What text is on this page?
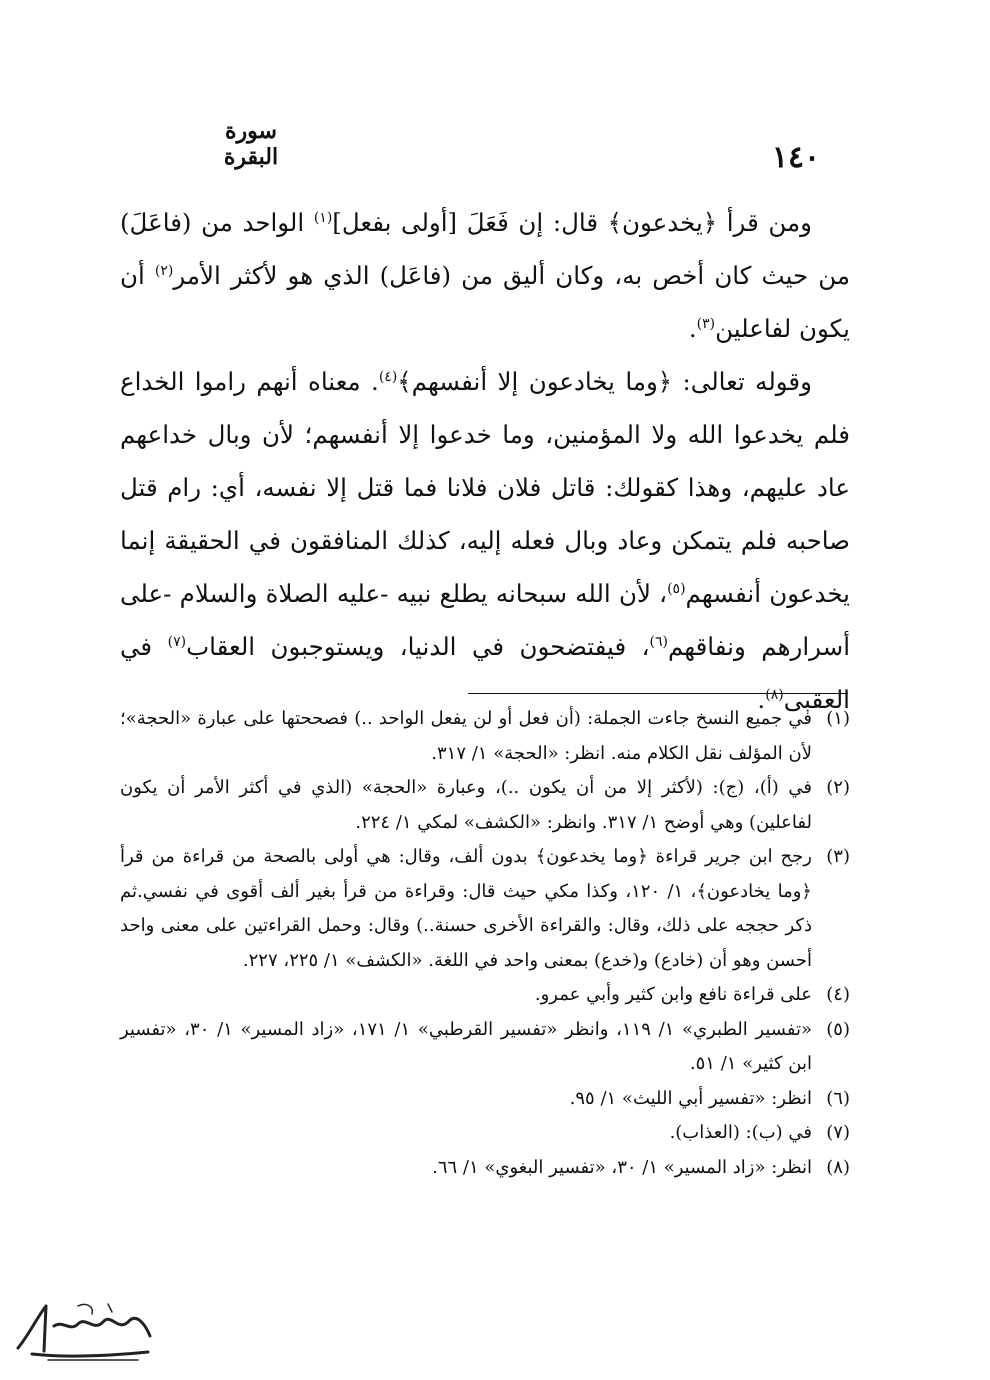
سورة البقرة	١٤٠

ومن قرأ ﴿يخدعون﴾ قال: إن فَعَلَ [أولى بفعل]$^{(١)}$ الواحد من (فاعَلَ) من حيث كان أخص به، وكان أليق من (فاعَل) الذي هو لأكثر الأمر$^{(٢)}$ أن يكون لفاعلين$^{(٣)}$.

وقوله تعالى: ﴿وما يخادعون إلا أنفسهم﴾$^{(٤)}$. معناه أنهم راموا الخداع فلم يخدعوا الله ولا المؤمنين، وما خدعوا إلا أنفسهم؛ لأن وبال خداعهم عاد عليهم، وهذا كقولك: قاتل فلان فلانا فما قتل إلا نفسه، أي: رام قتل صاحبه فلم يتمكن وعاد وبال فعله إليه، كذلك المنافقون في الحقيقة إنما يخدعون أنفسهم$^{(٥)}$، لأن الله سبحانه يطلع نبيه -عليه الصلاة والسلام -على أسرارهم ونفاقهم$^{(٦)}$، فيفتضحون في الدنيا، ويستوجبون العقاب$^{(٧)}$ في العقبى$^{(٨)}$.

(١)
في جميع النسخ جاءت الجملة: (أن فعل أو لن يفعل الواحد ..) فصححتها على عبارة «الحجة»؛ لأن المؤلف نقل الكلام منه. انظر: «الحجة» ١/ ٣١٧.
(٢)
في (أ)، (ج): (لأكثر إلا من أن يكون ..)، وعبارة «الحجة» (الذي في أكثر الأمر أن يكون لفاعلين) وهي أوضح ١/ ٣١٧. وانظر: «الكشف» لمكي ١/ ٢٢٤.
(٣)
رجح ابن جرير قراءة ﴿وما يخدعون﴾ بدون ألف، وقال: هي أولى بالصحة من قراءة من قرأ ﴿وما يخادعون﴾، ١/ ١٢٠، وكذا مكي حيث قال: وقراءة من قرأ بغير ألف أقوى في نفسي.ثم ذكر حججه على ذلك، وقال: والقراءة الأخرى حسنة..) وقال: وحمل القراءتين على معنى واحد أحسن وهو أن (خادع) و(خدع) بمعنى واحد في اللغة. «الكشف» ١/ ٢٢٥، ٢٢٧.
(٤)
على قراءة نافع وابن كثير وأبي عمرو.
(٥)
«تفسير الطبري» ١/ ١١٩، وانظر «تفسير القرطبي» ١/ ١٧١، «زاد المسير» ١/ ٣٠، «تفسير ابن كثير» ١/ ٥١.
(٦)
انظر: «تفسير أبي الليث» ١/ ٩٥.
(٧)
في (ب): (العذاب).
(٨)
انظر: «زاد المسير» ١/ ٣٠، «تفسير البغوي» ١/ ٦٦.
